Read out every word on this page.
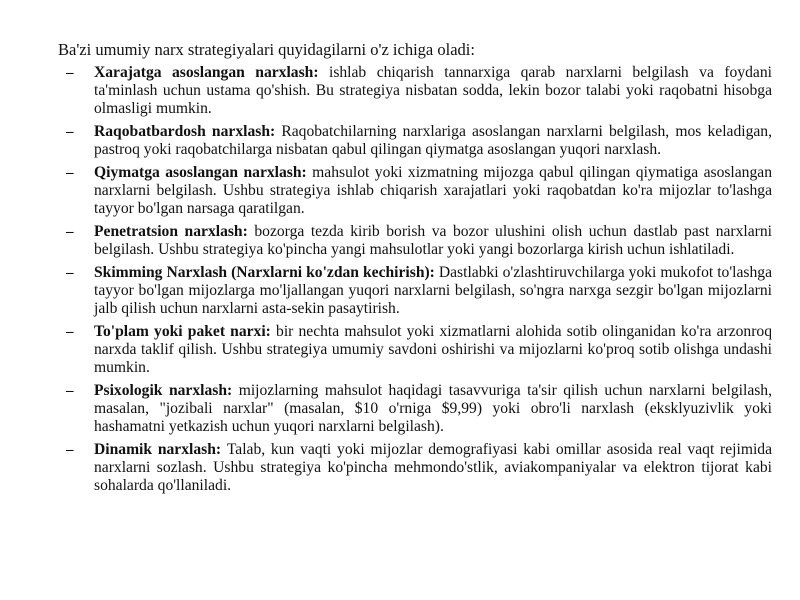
Ba'zi umumiy narx strategiyalari quyidagilarni o'z ichiga oladi:

–	Xarajatga asoslangan narxlash: ishlab chiqarish tannarxiga qarab narxlarni belgilash va foydani ta'minlash uchun ustama qo'shish. Bu strategiya nisbatan sodda, lekin bozor talabi yoki raqobatni hisobga olmasligi mumkin.
–	Raqobatbardosh narxlash: Raqobatchilarning narxlariga asoslangan narxlarni belgilash, mos keladigan, pastroq yoki raqobatchilarga nisbatan qabul qilingan qiymatga asoslangan yuqori narxlash.
–	Qiymatga asoslangan narxlash: mahsulot yoki xizmatning mijozga qabul qilingan qiymatiga asoslangan narxlarni belgilash. Ushbu strategiya ishlab chiqarish xarajatlari yoki raqobatdan ko'ra mijozlar to'lashga tayyor bo'lgan narsaga qaratilgan.
–	Penetratsion narxlash: bozorga tezda kirib borish va bozor ulushini olish uchun dastlab past narxlarni belgilash. Ushbu strategiya ko'pincha yangi mahsulotlar yoki yangi bozorlarga kirish uchun ishlatiladi.
–	Skimming Narxlash (Narxlarni ko'zdan kechirish): Dastlabki o'zlashtiruvchilarga yoki mukofot to'lashga tayyor bo'lgan mijozlarga mo'ljallangan yuqori narxlarni belgilash, so'ngra narxga sezgir bo'lgan mijozlarni jalb qilish uchun narxlarni asta-sekin pasaytirish.
–	To'plam yoki paket narxi: bir nechta mahsulot yoki xizmatlarni alohida sotib olinganidan ko'ra arzonroq narxda taklif qilish. Ushbu strategiya umumiy savdoni oshirishi va mijozlarni ko'proq sotib olishga undashi mumkin.
–	Psixologik narxlash: mijozlarning mahsulot haqidagi tasavvuriga ta'sir qilish uchun narxlarni belgilash, masalan, "jozibali narxlar" (masalan, $10 o'rniga $9,99) yoki obro'li narxlash (eksklyuzivlik yoki hashamatni yetkazish uchun yuqori narxlarni belgilash).
–	Dinamik narxlash: Talab, kun vaqti yoki mijozlar demografiyasi kabi omillar asosida real vaqt rejimida narxlarni sozlash. Ushbu strategiya ko'pincha mehmondo'stlik, aviakompaniyalar va elektron tijorat kabi sohalarda qo'llaniladi.
